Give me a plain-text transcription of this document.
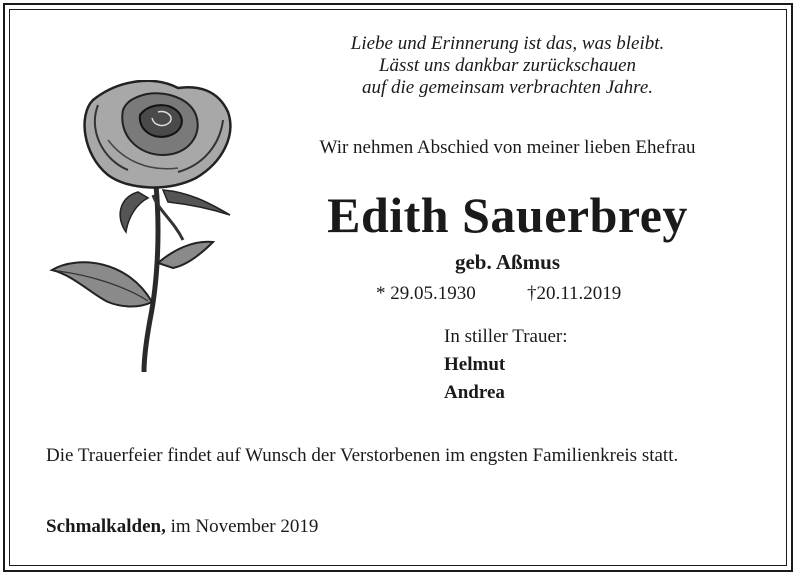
Liebe und Erinnerung ist das, was bleibt.
Lässt uns dankbar zurückschauen
auf die gemeinsam verbrachten Jahre.
Wir nehmen Abschied von meiner lieben Ehefrau
Edith Sauerbrey
geb. Aßmus
* 29.05.1930	†20.11.2019
In stiller Trauer:
Helmut
Andrea
Die Trauerfeier findet auf Wunsch der Verstorbenen im engsten Familienkreis statt.
Schmalkalden, im November 2019
